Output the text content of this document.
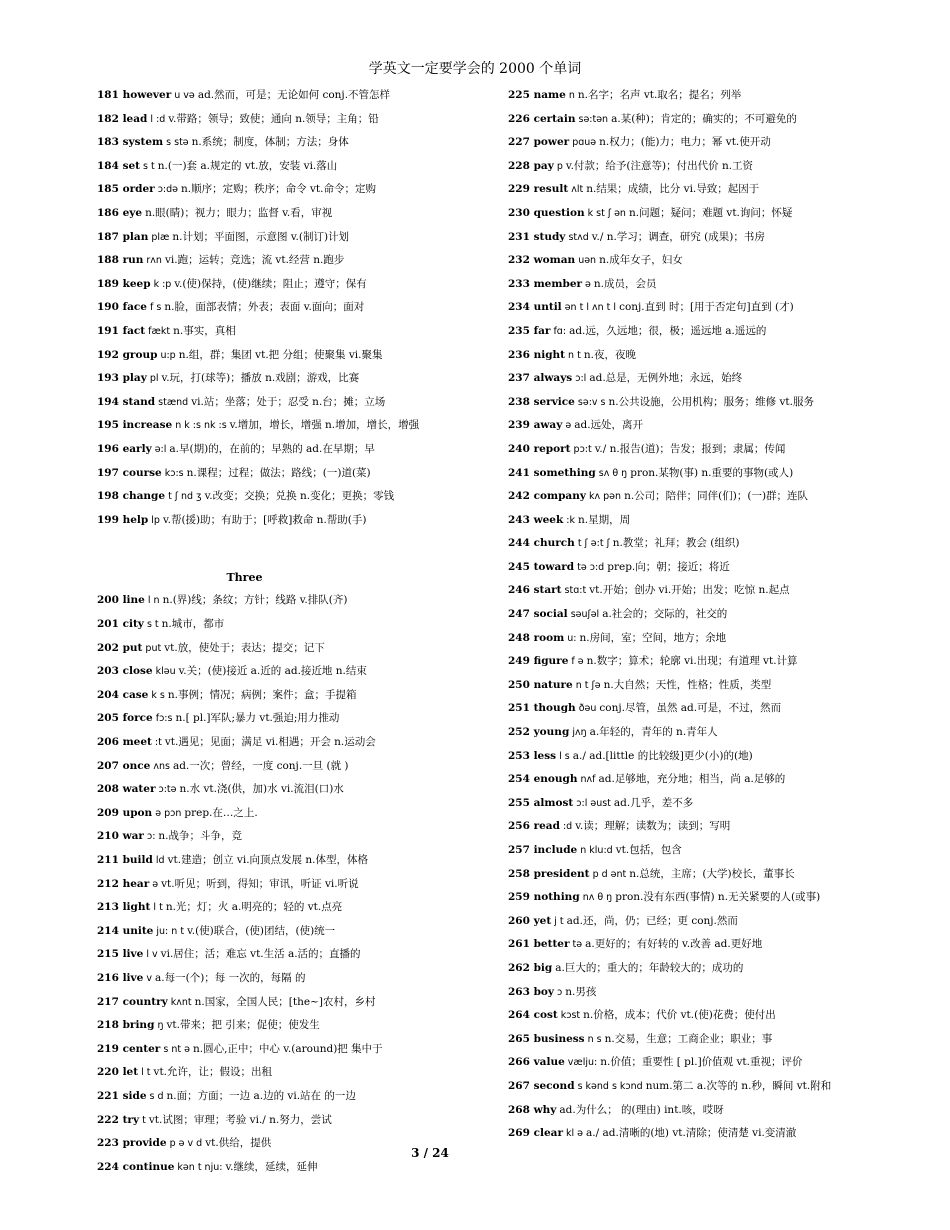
学英文一定要学会的 2000 个单词
181 however u və ad.然而，可是；无论如何 conj.不管怎样
182 lead l :d v.带路；领导；致使；通向 n.领导；主角；铅
183 system s stə n.系统；制度，体制；方法；身体
184 set s t n.(一)套 a.规定的 vt.放，安装 vi.落山
185 order ɔ:də n.顺序；定购；秩序；命令 vt.命令；定购
186 eye n.眼(睛)；视力；眼力；监督 v.看，审视
187 plan plæ n.计划；平面图，示意图 v.(制订)计划
188 run rʌn vi.跑；运转；竞选；流 vt.经营 n.跑步
189 keep k :p v.(使)保持，(使)继续；阻止；遵守；保有
190 face f s n.脸，面部表情；外表；表面 v.面向；面对
191 fact fækt n.事实，真相
192 group u:p n.组，群；集团 vt.把 分组；使聚集 vi.聚集
193 play pl v.玩，打(球等)；播放 n.戏剧；游戏，比赛
194 stand stænd vi.站；坐落；处于；忍受 n.台；摊；立场
195 increase n k :s nk :s v.增加，增长，增强 n.增加，增长，增强
196 early ə:l a.早(期)的，在前的；早熟的 ad.在早期；早
197 course kɔ:s n.课程；过程；做法；路线；(一)道(菜)
198 change t ʃ nd ʒ v.改变；交换；兑换 n.变化；更换；零钱
199 help lp v.帮(援)助；有助于；[呼救]救命 n.帮助(手)
Three
200 line l n n.(界)线；条纹；方针；线路 v.排队(齐)
201 city s t n.城市，都市
202 put put vt.放，使处于；表达；提交；记下
203 close kləu v.关；(使)接近 a.近的 ad.接近地 n.结束
204 case k s n.事例；情况；病例；案件；盒；手提箱
205 force fɔ:s n.[ pl.]军队;暴力 vt.强迫;用力推动
206 meet :t vt.遇见；见面；满足 vi.相遇；开会 n.运动会
207 once ʌns ad.一次；曾经，一度 conj.一旦 (就 )
208 water ɔ:tə n.水 vt.浇(供，加)水 vi.流泪(口)水
209 upon ə pɔn prep.在…之上.
210 war ɔ: n.战争；斗争，竞
211 build ld vt.建造；创立 vi.向顶点发展 n.体型，体格
212 hear ə vt.听见；听到，得知；审讯，听证 vi.听说
213 light l t n.光；灯；火 a.明亮的；轻的 vt.点亮
214 unite ju: n t v.(使)联合，(使)团结，(使)统一
215 live l v vi.居住；活；难忘 vt.生活 a.活的；直播的
216 live v a.每一(个)；每 一次的，每隔 的
217 country kʌnt n.国家，全国人民；[the~]农村，乡村
218 bring ŋ vt.带来；把 引来；促使；使发生
219 center s nt ə n.圆心,正中；中心 v.(around)把 集中于
220 let l t vt.允许，让；假设；出租
221 side s d n.面；方面；一边 a.边的 vi.站在 的一边
222 try t vt.试图；审理；考验 vi./ n.努力，尝试
223 provide p ə v d vt.供给，提供
224 continue kən t nju: v.继续，延续，延伸
225 name n n.名字；名声 vt.取名；提名；列举
226 certain sə:tən a.某(种)；肯定的；确实的；不可避免的
227 power pɑuə n.权力；(能)力；电力；幂 vt.使开动
228 pay p v.付款；给予(注意等)；付出代价 n.工资
229 result ʌlt n.结果；成绩，比分 vi.导致；起因于
230 question k st ʃ ən n.问题；疑问；难题 vt.询问；怀疑
231 study stʌd v./ n.学习；调查，研究 (成果)；书房
232 woman uən n.成年女子，妇女
233 member ə n.成员，会员
234 until ən t l ʌn t l conj.直到 时；[用于否定句]直到 (才)
235 far fɑ: ad.远，久远地；很，极；遥远地 a.遥远的
236 night n t n.夜，夜晚
237 always ɔ:l ad.总是，无例外地；永远，始终
238 service sə:v s n.公共设施，公用机构；服务；维修 vt.服务
239 away ə ad.远处，离开
240 report pɔ:t v./ n.报告(道)；告发；报到；隶属；传闻
241 something sʌ θ ŋ pron.某物(事) n.重要的事物(或人)
242 company kʌ pən n.公司；陪伴；同伴(们)；(一)群；连队
243 week :k n.星期，周
244 church t ʃ ə:t ʃ n.教堂；礼拜；教会 (组织)
245 toward tə ɔ:d prep.向；朝；接近；将近
246 start stɑ:t vt.开始；创办 vi.开始；出发；吃惊 n.起点
247 social səuʃəl a.社会的；交际的，社交的
248 room u: n.房间，室；空间，地方；余地
249 figure f ə n.数字；算术；轮廓 vi.出现；有道理 vt.计算
250 nature n t ʃə n.大自然；天性，性格；性质，类型
251 though ðəu conj.尽管，虽然 ad.可是，不过，然而
252 young jʌŋ a.年轻的，青年的 n.青年人
253 less l s a./ ad.[little 的比较级]更少(小)的(地)
254 enough nʌf ad.足够地，充分地；相当，尚 a.足够的
255 almost ɔ:l əust ad.几乎，差不多
256 read :d v.读；理解；读数为；读到；写明
257 include n klu:d vt.包括，包含
258 president p d ənt n.总统，主席；(大学)校长，董事长
259 nothing nʌ θ ŋ pron.没有东西(事情) n.无关紧要的人(或事)
260 yet j t ad.还，尚，仍；已经；更 conj.然而
261 better tə a.更好的；有好转的 v.改善 ad.更好地
262 big a.巨大的；重大的；年龄较大的；成功的
263 boy ɔ n.男孩
264 cost kɔst n.价格，成本；代价 vt.(使)花费；使付出
265 business n s n.交易，生意；工商企业；职业；事
266 value vælju: n.价值；重要性 [ pl.]价值观 vt.重视；评价
267 second s kənd s kɔnd num.第二 a.次等的 n.秒，瞬间 vt.附和
268 why ad.为什么； 的(理由) int.咳，哎呀
269 clear kl ə a./ ad.清晰的(地) vt.清除；使清楚 vi.变清澈
3 / 24
